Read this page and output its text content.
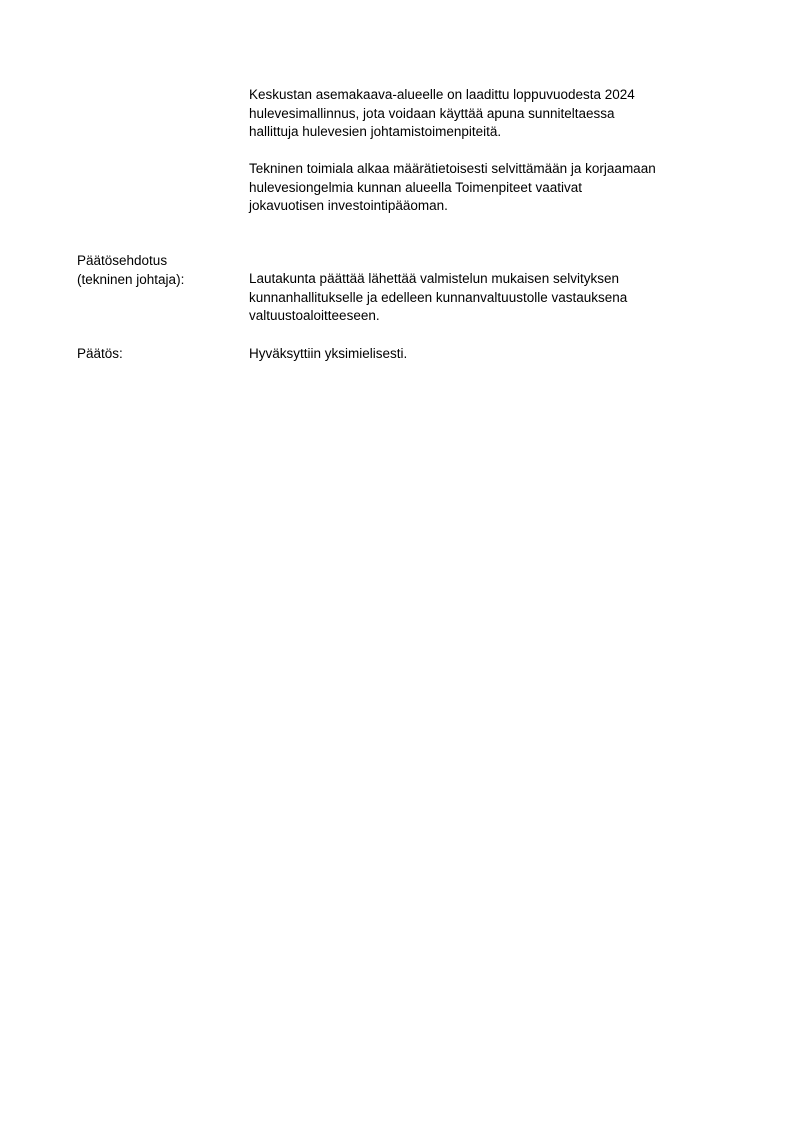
Keskustan asemakaava-alueelle on laadittu loppuvuodesta 2024
hulevesimallinnus, jota voidaan käyttää apuna sunniteltaessa
hallittuja hulevesien johtamistoimenpiteitä.
Tekninen toimiala alkaa määrätietoisesti selvittämään ja korjaamaan
hulevesiongelmia kunnan alueella Toimenpiteet vaativat
jokavuotisen investointipääoman.
Päätösehdotus
(tekninen johtaja):	Lautakunta päättää lähettää valmistelun mukaisen selvityksen
kunnanhallitukselle ja edelleen kunnanvaltuustolle vastauksena
valtuustoaloitteeseen.
Päätös:	Hyväksyttiin yksimielisesti.
